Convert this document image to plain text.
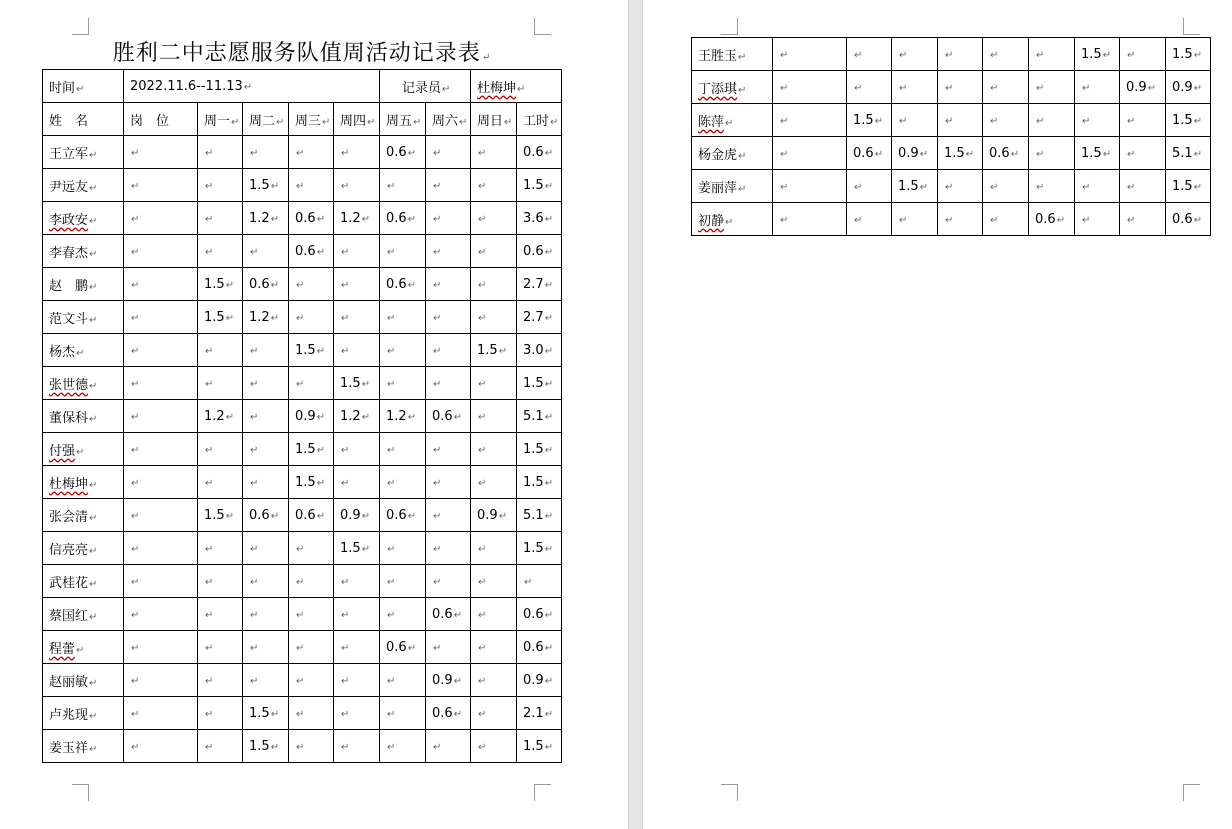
胜利二中志愿服务队值周活动记录表↵
时间↵	2022.11.6--11.13↵					记录员↵		杜梅坤↵	
姓　名	岗　位	周一↵	周二↵	周三↵	周四↵	周五↵	周六↵	周日↵	工时↵
王立军↵	↵	↵	↵	↵	↵	0.6↵	↵	↵	0.6↵
尹远友↵	↵	↵	1.5↵	↵	↵	↵	↵	↵	1.5↵
李政安↵	↵	↵	1.2↵	0.6↵	1.2↵	0.6↵	↵	↵	3.6↵
李春杰↵	↵	↵	↵	0.6↵	↵	↵	↵	↵	0.6↵
赵　鹏↵	↵	1.5↵	0.6↵	↵	↵	0.6↵	↵	↵	2.7↵
范文斗↵	↵	1.5↵	1.2↵	↵	↵	↵	↵	↵	2.7↵
杨杰↵	↵	↵	↵	1.5↵	↵	↵	↵	1.5↵	3.0↵
张世德↵	↵	↵	↵	↵	1.5↵	↵	↵	↵	1.5↵
董保科↵	↵	1.2↵	↵	0.9↵	1.2↵	1.2↵	0.6↵	↵	5.1↵
付强↵	↵	↵	↵	1.5↵	↵	↵	↵	↵	1.5↵
杜梅坤↵	↵	↵	↵	1.5↵	↵	↵	↵	↵	1.5↵
张会清↵	↵	1.5↵	0.6↵	0.6↵	0.9↵	0.6↵	↵	0.9↵	5.1↵
信亮亮↵	↵	↵	↵	↵	1.5↵	↵	↵	↵	1.5↵
武桂花↵	↵	↵	↵	↵	↵	↵	↵	↵	↵
蔡国红↵	↵	↵	↵	↵	↵	↵	0.6↵	↵	0.6↵
程蕾↵	↵	↵	↵	↵	↵	0.6↵	↵	↵	0.6↵
赵丽敏↵	↵	↵	↵	↵	↵	↵	0.9↵	↵	0.9↵
卢兆现↵	↵	↵	1.5↵	↵	↵	↵	0.6↵	↵	2.1↵
姜玉祥↵	↵	↵	1.5↵	↵	↵	↵	↵	↵	1.5↵
王胜玉↵	↵	↵	↵	↵	↵	↵	1.5↵	↵	1.5↵
丁添琪↵	↵	↵	↵	↵	↵	↵	↵	0.9↵	0.9↵
陈萍↵	↵	1.5↵	↵	↵	↵	↵	↵	↵	1.5↵
杨金虎↵	↵	0.6↵	0.9↵	1.5↵	0.6↵	↵	1.5↵	↵	5.1↵
姜丽萍↵	↵	↵	1.5↵	↵	↵	↵	↵	↵	1.5↵
初静↵	↵	↵	↵	↵	↵	0.6↵	↵	↵	0.6↵
